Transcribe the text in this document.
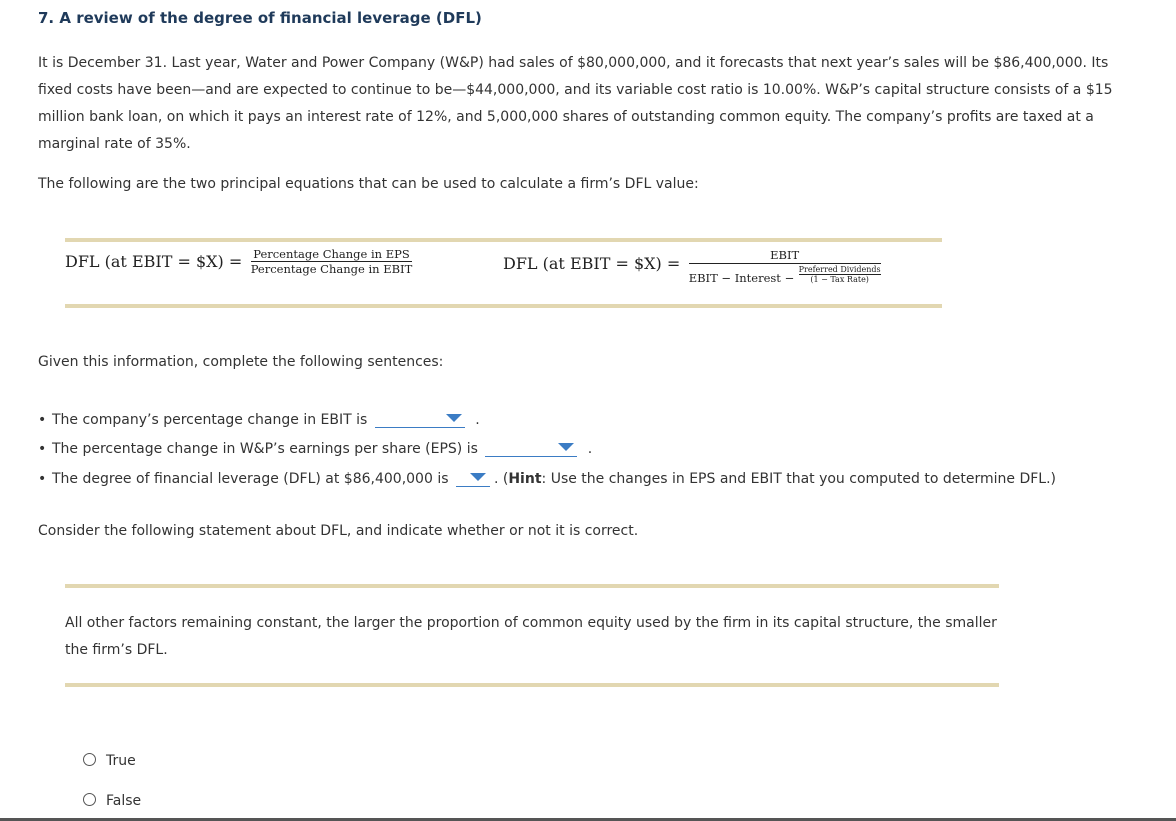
7. A review of the degree of financial leverage (DFL)
It is December 31. Last year, Water and Power Company (W&P) had sales of $80,000,000, and it forecasts that next year’s sales will be $86,400,000. Its fixed costs have been—and are expected to continue to be—$44,000,000, and its variable cost ratio is 10.00%. W&P’s capital structure consists of a $15 million bank loan, on which it pays an interest rate of 12%, and 5,000,000 shares of outstanding common equity. The company’s profits are taxed at a marginal rate of 35%.
The following are the two principal equations that can be used to calculate a firm’s DFL value:
DFL (at EBIT = $X) = Percentage Change in EPS
Percentage Change in EBIT	DFL (at EBIT = $X) =	EBIT
$^{EBIT - Interest -}$
Preferred Dividends
(1 − Tax Rate)
Given this information, complete the following sentences:
• The company’s percentage change in EBIT is	.
• The percentage change in W&P’s earnings per share (EPS) is	.
• The degree of financial leverage (DFL) at $86,400,000 is	. (Hint: Use the changes in EPS and EBIT that you computed to determine DFL.)
Consider the following statement about DFL, and indicate whether or not it is correct.
All other factors remaining constant, the larger the proportion of common equity used by the firm in its capital structure, the smaller the firm’s DFL.
True
False
